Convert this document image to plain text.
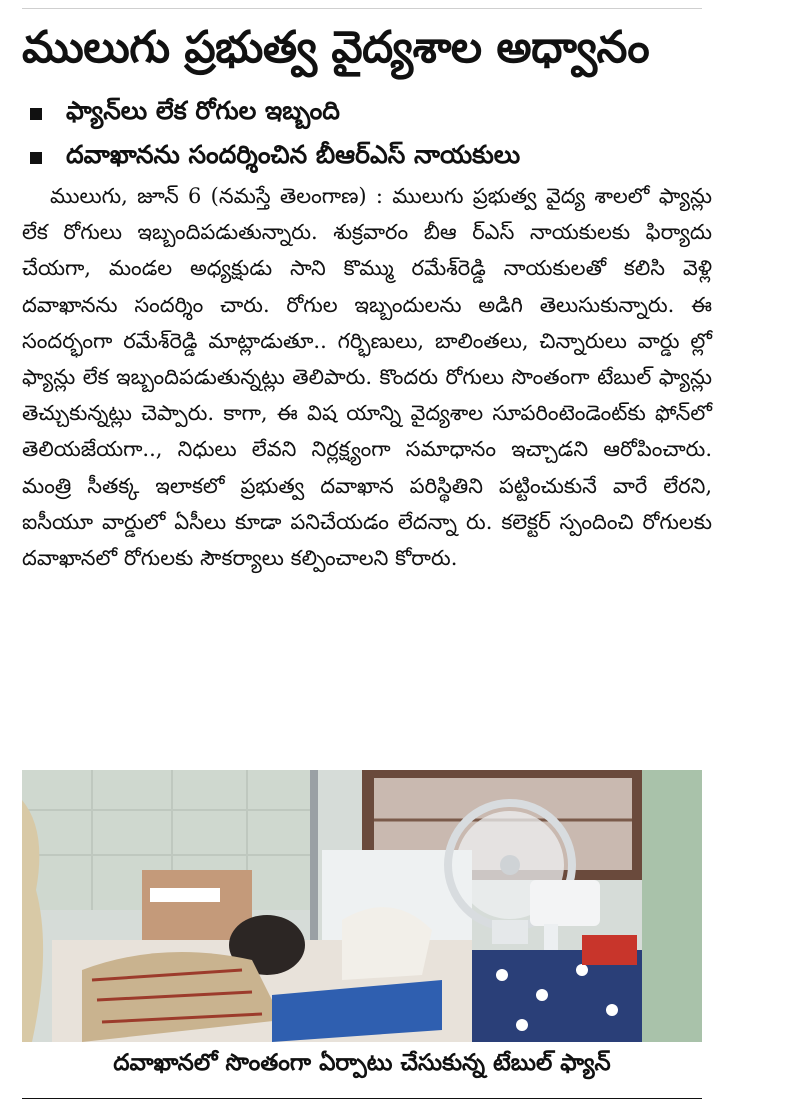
ములుగు ప్రభుత్వ వైద్యశాల అధ్వానం
ఫ్యాన్‌లు లేక రోగుల ఇబ్బంది
దవాఖానను సందర్శించిన బీఆర్‌ఎస్ నాయకులు

ములుగు, జూన్ 6 (నమస్తే తెలంగాణ) : ములుగు ప్రభుత్వ వైద్య శాలలో ఫ్యాన్లు లేక రోగులు ఇబ్బందిపడుతున్నారు. శుక్రవారం బీఆ ర్‌ఎస్ నాయకులకు ఫిర్యాదు చేయగా, మండల అధ్యక్షుడు సాని కొమ్ము రమేశ్‌రెడ్డి నాయకులతో కలిసి వెళ్లి దవాఖానను సందర్శిం చారు. రోగుల ఇబ్బందులను అడిగి తెలుసుకున్నారు. ఈ సందర్భంగా రమేశ్‌రెడ్డి మాట్లాడుతూ.. గర్భిణులు, బాలింతలు, చిన్నారులు వార్డు ల్లో ఫ్యాన్లు లేక ఇబ్బందిపడుతున్నట్లు తెలిపారు. కొందరు రోగులు సొంతంగా టేబుల్ ఫ్యాన్లు తెచ్చుకున్నట్లు చెప్పారు. కాగా, ఈ విష యాన్ని వైద్యశాల సూపరింటెండెంట్‌కు ఫోన్‌లో తెలియజేయగా.., నిధులు లేవని నిర్లక్ష్యంగా సమాధానం ఇచ్చాడని ఆరోపించారు. మంత్రి సీతక్క ఇలాకలో ప్రభుత్వ దవాఖాన పరిస్థితిని పట్టించుకునే వారే లేరని, ఐసీయూ వార్డులో ఏసీలు కూడా పనిచేయడం లేదన్నా రు. కలెక్టర్ స్పందించి రోగులకు దవాఖానలో రోగులకు సౌకర్యాలు కల్పించాలని కోరారు.

దవాఖానలో సొంతంగా ఏర్పాటు చేసుకున్న టేబుల్ ఫ్యాన్
